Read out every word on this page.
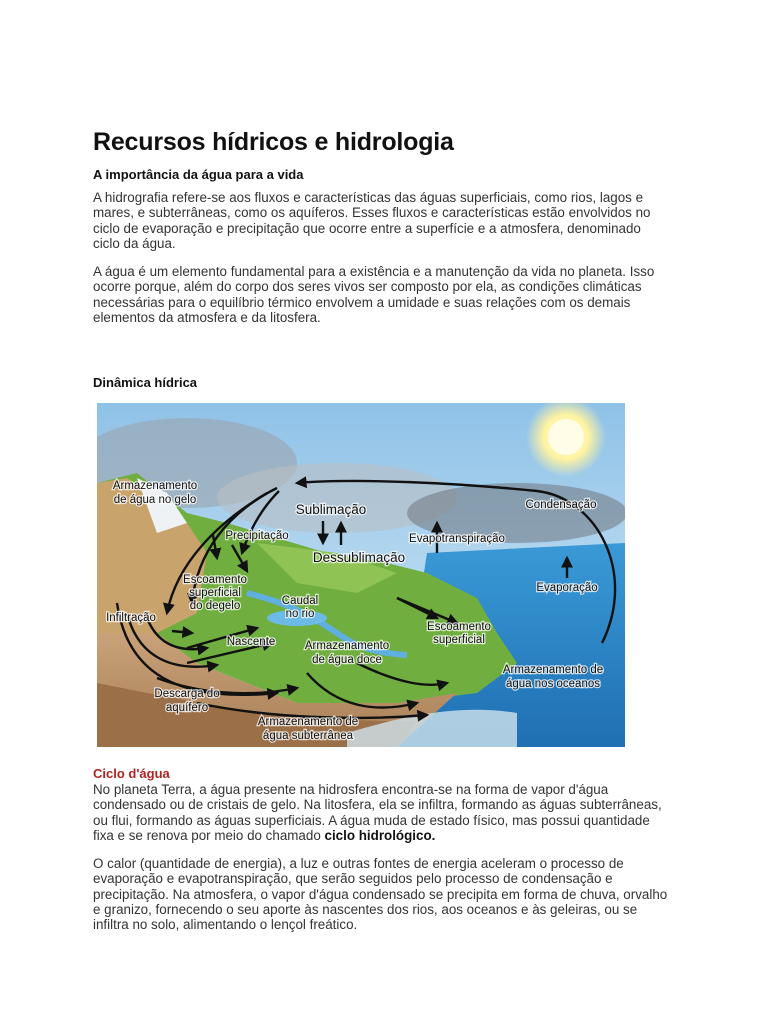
Recursos hídricos e hidrologia

A importância da água para a vida

A hidrografia refere-se aos fluxos e características das águas superficiais, como rios, lagos e mares, e subterrâneas, como os aquíferos. Esses fluxos e características estão envolvidos no ciclo de evaporação e precipitação que ocorre entre a superfície e a atmosfera, denominado ciclo da água.

A água é um elemento fundamental para a existência e a manutenção da vida no planeta. Isso ocorre porque, além do corpo dos seres vivos ser composto por ela, as condições climáticas necessárias para o equilíbrio térmico envolvem a umidade e suas relações com os demais elementos da atmosfera e da litosfera.

Dinâmica hídrica

Armazenamento
de água no gelo
Sublimação	Condensação
Precipitação	Evapotranspiração
Dessublimação
Escoamento
superficial
do degelo	Caudal
no rio
Evaporação
Infiltração
Nascente
Escoamento
superficial
Armazenamento
de água doce
Armazenamento de
água nos oceanos
Descarga do
aquífero
Armazenamento de
água subterrânea

Ciclo d'água

No planeta Terra, a água presente na hidrosfera encontra-se na forma de vapor d'água condensado ou de cristais de gelo. Na litosfera, ela se infiltra, formando as águas subterrâneas, ou flui, formando as águas superficiais. A água muda de estado físico, mas possui quantidade fixa e se renova por meio do chamado ciclo hidrológico.

O calor (quantidade de energia), a luz e outras fontes de energia aceleram o processo de evaporação e evapotranspiração, que serão seguidos pelo processo de condensação e precipitação. Na atmosfera, o vapor d'água condensado se precipita em forma de chuva, orvalho e granizo, fornecendo o seu aporte às nascentes dos rios, aos oceanos e às geleiras, ou se infiltra no solo, alimentando o lençol freático.
